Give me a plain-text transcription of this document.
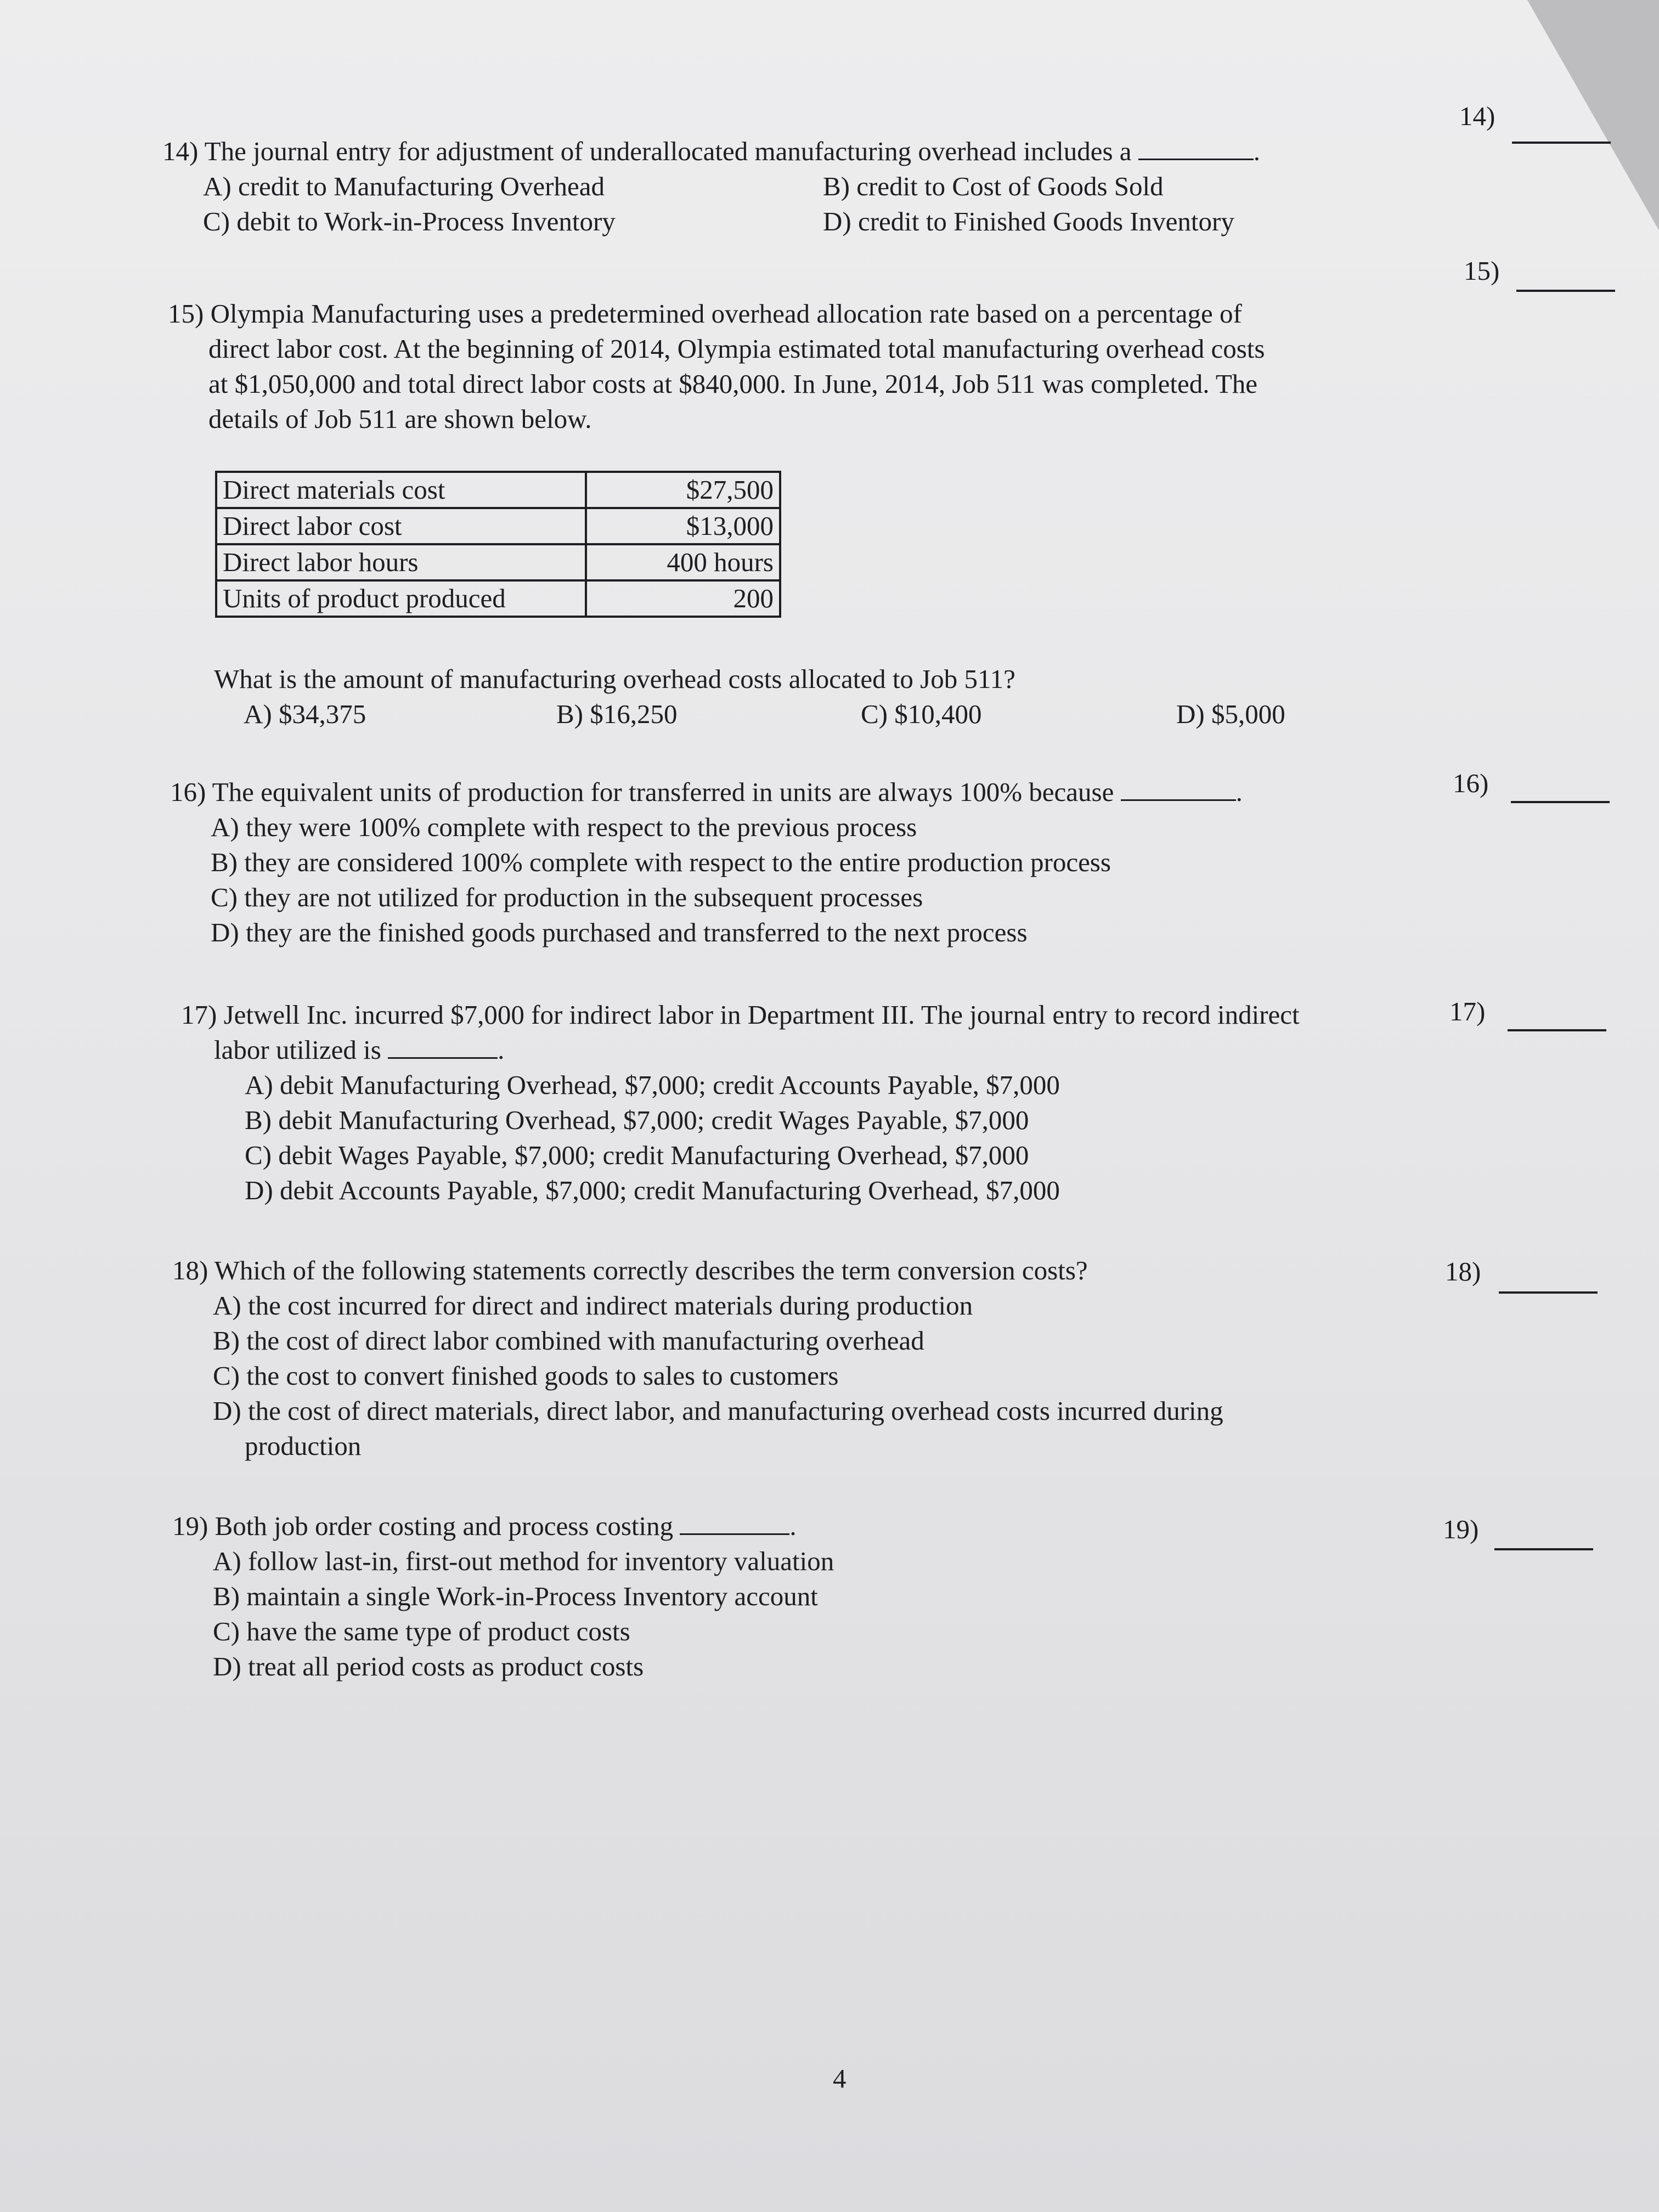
14) The journal entry for adjustment of underallocated manufacturing overhead includes a	.
A) credit to Manufacturing Overhead	B) credit to Cost of Goods Sold
C) debit to Work-in-Process Inventory	D) credit to Finished Goods Inventory
14)
15) Olympia Manufacturing uses a predetermined overhead allocation rate based on a percentage of
direct labor cost. At the beginning of 2014, Olympia estimated total manufacturing overhead costs
at $1,050,000 and total direct labor costs at $840,000. In June, 2014, Job 511 was completed. The
details of Job 511 are shown below.
15)
Direct materials cost	$27,500
Direct labor cost	$13,000
Direct labor hours	400 hours
Units of product produced	200
What is the amount of manufacturing overhead costs allocated to Job 511?
A) $34,375	B) $16,250	C) $10,400	D) $5,000
16) The equivalent units of production for transferred in units are always 100% because	.
A) they were 100% complete with respect to the previous process
B) they are considered 100% complete with respect to the entire production process
C) they are not utilized for production in the subsequent processes
D) they are the finished goods purchased and transferred to the next process
16)
17) Jetwell Inc. incurred $7,000 for indirect labor in Department III. The journal entry to record indirect
labor utilized is	.
A) debit Manufacturing Overhead, $7,000; credit Accounts Payable, $7,000
B) debit Manufacturing Overhead, $7,000; credit Wages Payable, $7,000
C) debit Wages Payable, $7,000; credit Manufacturing Overhead, $7,000
D) debit Accounts Payable, $7,000; credit Manufacturing Overhead, $7,000
17)
18) Which of the following statements correctly describes the term conversion costs?
A) the cost incurred for direct and indirect materials during production
B) the cost of direct labor combined with manufacturing overhead
C) the cost to convert finished goods to sales to customers
D) the cost of direct materials, direct labor, and manufacturing overhead costs incurred during
production
18)
19) Both job order costing and process costing	.
A) follow last-in, first-out method for inventory valuation
B) maintain a single Work-in-Process Inventory account
C) have the same type of product costs
D) treat all period costs as product costs
19)
4
